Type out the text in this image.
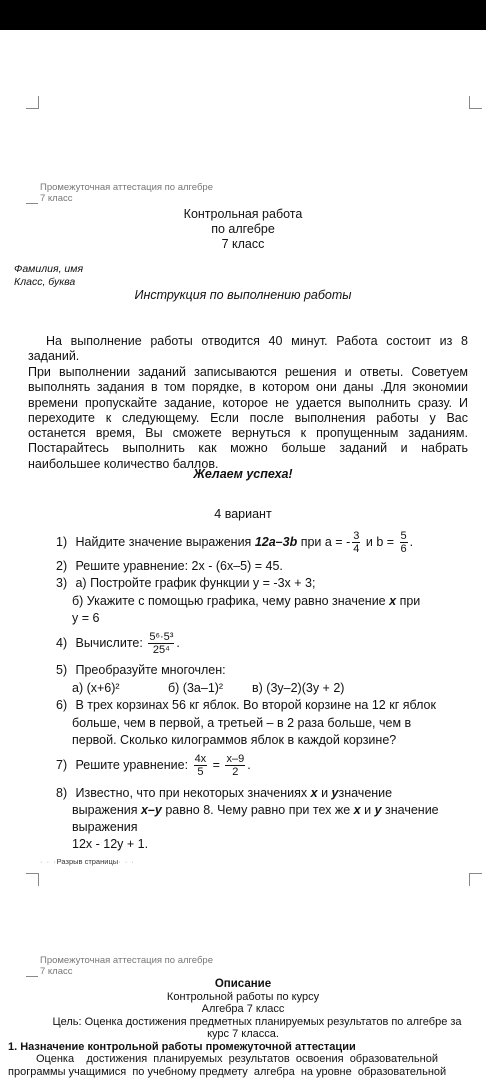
Промежуточная аттестация по алгебре
7 класс
Контрольная работа
по алгебре
7 класс
Фамилия, имя
Класс, буква
Инструкция по выполнению работы
На выполнение работы отводится 40 минут. Работа состоит из 8 заданий.
При выполнении заданий записываются решения и ответы. Советуем выполнять задания в том порядке, в котором они даны .Для экономии времени пропускайте задание, которое не удается выполнить сразу. И переходите к следующему. Если после выполнения работы у Вас останется время, Вы сможете вернуться к пропущенным заданиям. Постарайтесь выполнить как можно больше заданий и набрать наибольшее количество баллов.
Желаем успеха!
4 вариант
1) Найдите значение выражения 12a–3b при a = - $\frac{3}{4}$ и $b = \frac{5}{6}$ .
2) Решите уравнение: 2x - (6x–5) = 45.
3) а) Постройте график функции у = -3х + 3;
б) Укажите с помощью графика, чему равно значение x при
у = 6
4) Вычислите: $\frac{\text{5⁶·5³}}{\text{25⁴}}$ .
5) Преобразуйте многочлен:
а) (x+6)²	б) (3a–1)² в) (3y–2)(3y + 2)
6) В трех корзинах 56 кг яблок. Во второй корзине на 12 кг яблок
больше, чем в первой, а третьей – в 2 раза больше, чем в
первой. Сколько килограммов яблок в каждой корзине?
7) Решите уравнение: $\frac{4x}{5} = \frac{x-9}{2}$ .
8) Известно, что при некоторых значениях x и yзначение
выражения x–y равно 8. Чему равно при тех же x и y значение
выражения
12x - 12y + 1.
· · ·Разрыв страницы· · ·
Промежуточная аттестация по алгебре
7 класс
Описание
Контрольной работы по курсу
Алгебра 7 класс
Цель: Оценка достижения предметных планируемых результатов по алгебре за
курс 7 класса.
1. Назначение контрольной работы промежуточной аттестации
Оценка    достижения  планируемых  результатов  освоения  образовательной
программы учащимися  по учебному предмету  алгебра  на уровне  образовательной
